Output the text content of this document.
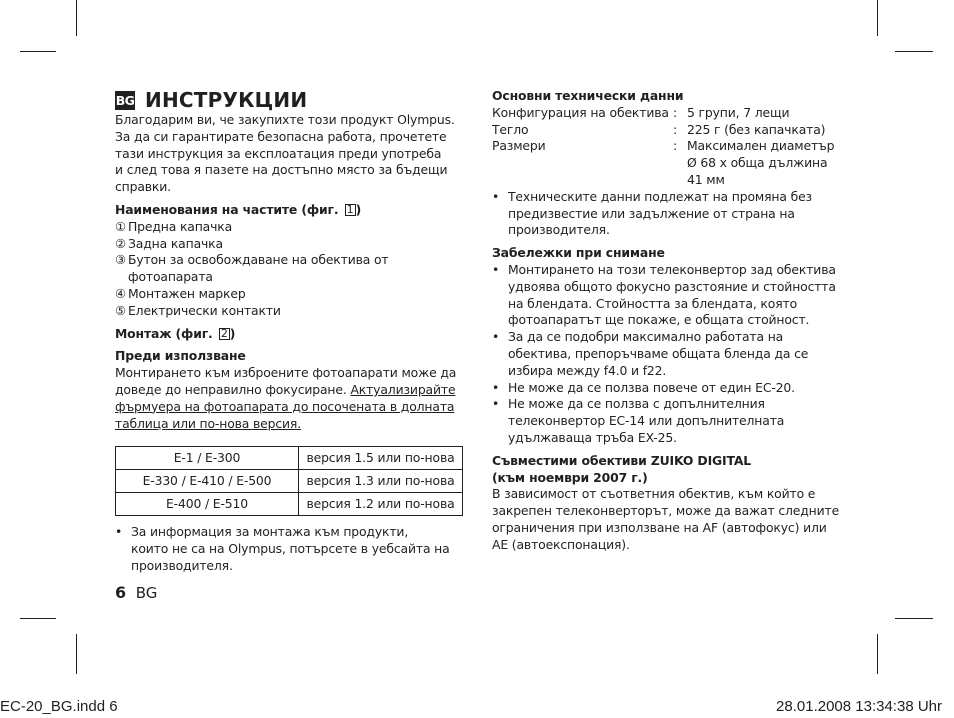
BG ИНСТРУКЦИИ

Благодарим ви, че закупихте този продукт Olympus.

За да си гарантирате безопасна работа, прочетете

тази инструкция за експлоатация преди употреба

и след това я пазете на достъпно място за бъдещи

справки.

Наименования на частите (фиг. 1 )

① Предна капачка

② Задна капачка

③ Бутон за освобождаване на обектива от

фотоапарата

④ Монтажен маркер

⑤ Електрически контакти

Монтаж (фиг. 2 )

Преди използване

Монтирането към изброените фотоапарати може да

доведе до неправилно фокусиране. Актуализирайте

фърмуера на фотоапарата до посочената в долната

таблица или по-нова версия.

E-1 / E-300	версия 1.5 или по-нова
E-330 / E-410 / E-500	версия 1.3 или по-нова
E-400 / E-510	версия 1.2 или по-нова
• За информация за монтажа към продукти,

които не са на Olympus, потърсете в уебсайта на

производителя.

6 BG

Основни технически данни

Конфигурация на обектива : 5 групи, 7 лещи
Тегло	: 225 г (без капачката)
Размери	: Максимален диаметър

Ø 68 x обща дължина

41 мм

• Техническите данни подлежат на промяна без

предизвестие или задължение от страна на

производителя.

Забележки при снимане

• Монтирането на този телеконвертор зад обектива

удвоява общото фокусно разстояние и стойността

на блендата. Стойността за блендата, която

фотоапаратът ще покаже, е общата стойност.

• За да се подобри максимално работата на

обектива, препоръчваме общата бленда да се

избира между f4.0 и f22.

• Не може да се ползва повече от един EC-20.

• Не може да се ползва с допълнителния

телеконвертор EC-14 или допълнителната

удължаваща тръба EX-25.

Съвместими обективи ZUIKO DIGITAL

(към ноември 2007 г.)

В зависимост от съответния обектив, към който е

закрепен телеконверторът, може да важат следните

ограничения при използване на AF (автофокус) или

AE (автоекспонация).

EC-20_BG.indd 6	28.01.2008 13:34:38 Uhr
